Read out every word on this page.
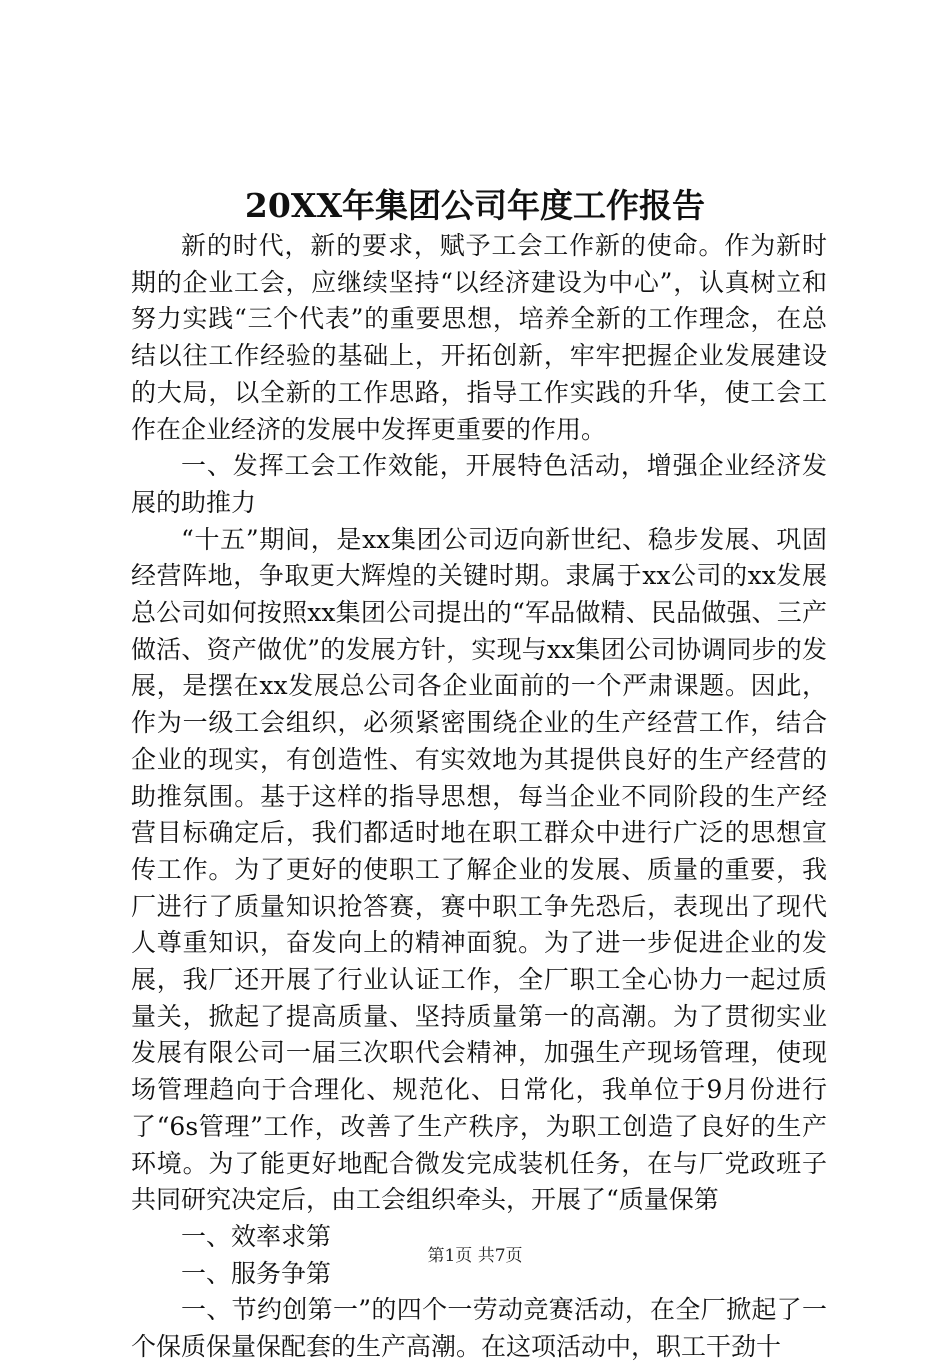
20XX年集团公司年度工作报告

新的时代，新的要求，赋予工会工作新的使命。作为新时期的企业工会，应继续坚持“以经济建设为中心”，认真树立和努力实践“三个代表”的重要思想，培养全新的工作理念，在总结以往工作经验的基础上，开拓创新，牢牢把握企业发展建设的大局，以全新的工作思路，指导工作实践的升华，使工会工作在企业经济的发展中发挥更重要的作用。

一、发挥工会工作效能，开展特色活动，增强企业经济发展的助推力

“十五”期间，是xx集团公司迈向新世纪、稳步发展、巩固经营阵地，争取更大辉煌的关键时期。隶属于xx公司的xx发展总公司如何按照xx集团公司提出的“军品做精、民品做强、三产做活、资产做优”的发展方针，实现与xx集团公司协调同步的发展，是摆在xx发展总公司各企业面前的一个严肃课题。因此，作为一级工会组织，必须紧密围绕企业的生产经营工作，结合企业的现实，有创造性、有实效地为其提供良好的生产经营的助推氛围。基于这样的指导思想，每当企业不同阶段的生产经营目标确定后，我们都适时地在职工群众中进行广泛的思想宣传工作。为了更好的使职工了解企业的发展、质量的重要，我厂进行了质量知识抢答赛，赛中职工争先恐后，表现出了现代人尊重知识，奋发向上的精神面貌。为了进一步促进企业的发展，我厂还开展了行业认证工作，全厂职工全心协力一起过质量关，掀起了提高质量、坚持质量第一的高潮。为了贯彻实业发展有限公司一届三次职代会精神，加强生产现场管理，使现场管理趋向于合理化、规范化、日常化，我单位于9月份进行了“6s管理”工作，改善了生产秩序，为职工创造了良好的生产环境。为了能更好地配合微发完成装机任务，在与厂党政班子共同研究决定后，由工会组织牵头，开展了“质量保第

一、效率求第

一、服务争第

一、节约创第一”的四个一劳动竞赛活动，在全厂掀起了一个保质保量保配套的生产高潮。在这项活动中，职工干劲十

第1页 共7页
